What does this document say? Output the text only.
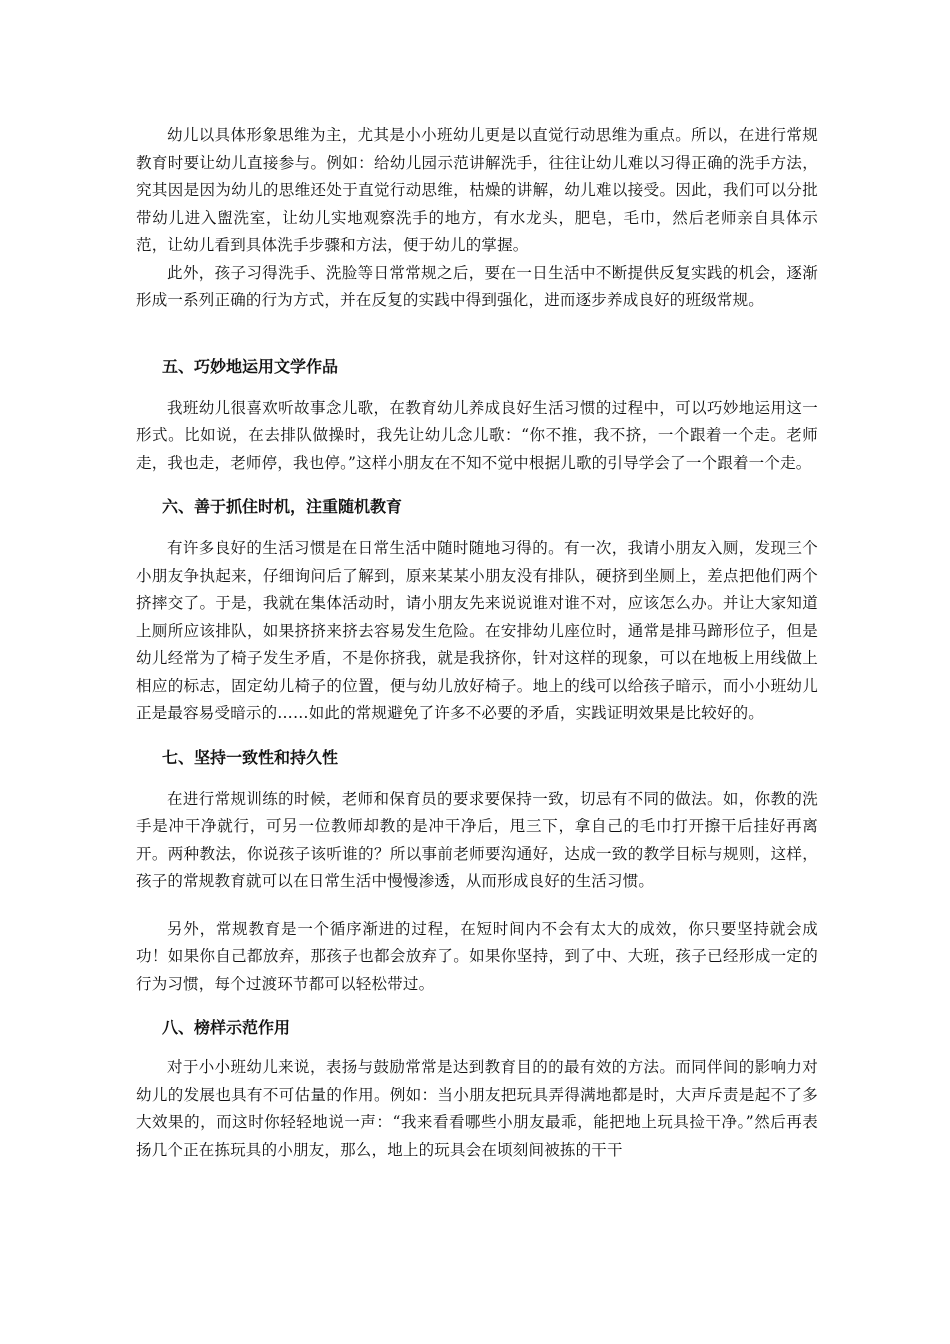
幼儿以具体形象思维为主，尤其是小小班幼儿更是以直觉行动思维为重点。所以，在进行常规教育时要让幼儿直接参与。例如：给幼儿园示范讲解洗手，往往让幼儿难以习得正确的洗手方法，究其因是因为幼儿的思维还处于直觉行动思维，枯燥的讲解，幼儿难以接受。因此，我们可以分批带幼儿进入盥洗室，让幼儿实地观察洗手的地方，有水龙头，肥皂，毛巾，然后老师亲自具体示范，让幼儿看到具体洗手步骤和方法，便于幼儿的掌握。

此外，孩子习得洗手、洗脸等日常常规之后，要在一日生活中不断提供反复实践的机会，逐渐形成一系列正确的行为方式，并在反复的实践中得到强化，进而逐步养成良好的班级常规。

五、巧妙地运用文学作品

我班幼儿很喜欢听故事念儿歌，在教育幼儿养成良好生活习惯的过程中，可以巧妙地运用这一形式。比如说，在去排队做操时，我先让幼儿念儿歌：“你不推，我不挤，一个跟着一个走。老师走，我也走，老师停，我也停。”这样小朋友在不知不觉中根据儿歌的引导学会了一个跟着一个走。

六、善于抓住时机，注重随机教育

有许多良好的生活习惯是在日常生活中随时随地习得的。有一次，我请小朋友入厕，发现三个小朋友争执起来，仔细询问后了解到，原来某某小朋友没有排队，硬挤到坐厕上，差点把他们两个挤摔交了。于是，我就在集体活动时，请小朋友先来说说谁对谁不对，应该怎么办。并让大家知道上厕所应该排队，如果挤挤来挤去容易发生危险。在安排幼儿座位时，通常是排马蹄形位子，但是幼儿经常为了椅子发生矛盾，不是你挤我，就是我挤你，针对这样的现象，可以在地板上用线做上相应的标志，固定幼儿椅子的位置，便与幼儿放好椅子。地上的线可以给孩子暗示，而小小班幼儿正是最容易受暗示的……如此的常规避免了许多不必要的矛盾，实践证明效果是比较好的。

七、坚持一致性和持久性

在进行常规训练的时候，老师和保育员的要求要保持一致，切忌有不同的做法。如，你教的洗手是冲干净就行，可另一位教师却教的是冲干净后，甩三下，拿自己的毛巾打开擦干后挂好再离开。两种教法，你说孩子该听谁的？所以事前老师要沟通好，达成一致的教学目标与规则，这样，孩子的常规教育就可以在日常生活中慢慢渗透，从而形成良好的生活习惯。

另外，常规教育是一个循序渐进的过程，在短时间内不会有太大的成效，你只要坚持就会成功！如果你自己都放弃，那孩子也都会放弃了。如果你坚持，到了中、大班，孩子已经形成一定的行为习惯，每个过渡环节都可以轻松带过。

八、榜样示范作用

对于小小班幼儿来说，表扬与鼓励常常是达到教育目的的最有效的方法。而同伴间的影响力对幼儿的发展也具有不可估量的作用。例如：当小朋友把玩具弄得满地都是时，大声斥责是起不了多大效果的，而这时你轻轻地说一声：“我来看看哪些小朋友最乖，能把地上玩具捡干净。”然后再表扬几个正在拣玩具的小朋友，那么，地上的玩具会在顷刻间被拣的干干
